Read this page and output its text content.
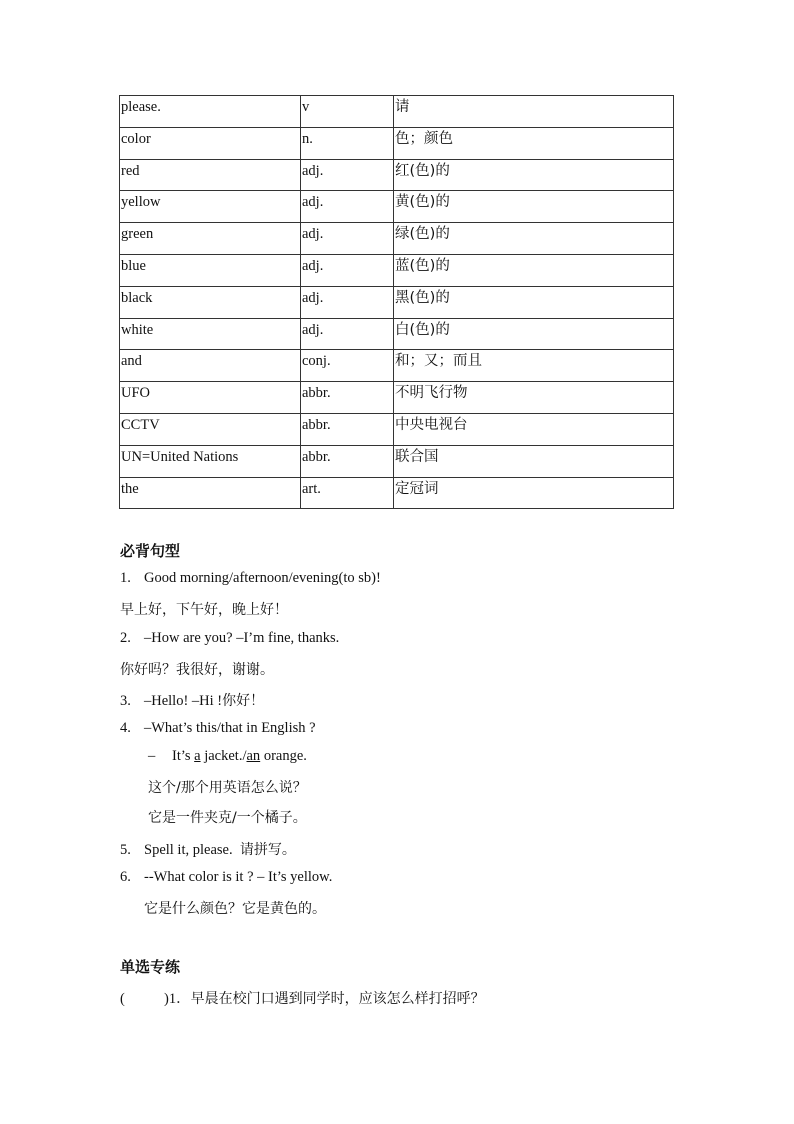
please.	v	请
color	n.	色；颜色
red	adj.	红(色)的
yellow	adj.	黄(色)的
green	adj.	绿(色)的
blue	adj.	蓝(色)的
black	adj.	黑(色)的
white	adj.	白(色)的
and	conj.	和；又；而且
UFO	abbr.	不明飞行物
CCTV	abbr.	中央电视台
UN=United Nations	abbr.	联合国
the	art.	定冠词
必背句型
1. Good morning/afternoon/evening(to sb)!
早上好，下午好，晚上好！
2. –How are you? –I’m fine, thanks.
你好吗？我很好，谢谢。
3. –Hello! –Hi !你好！
4. –What’s this/that in English ?
– It’s a jacket./an orange.
这个/那个用英语怎么说？
它是一件夹克/一个橘子。
5. Spell it, please. 请拼写。
6. --What color is it ? – It’s yellow.
它是什么颜色？它是黄色的。
单选专练
(	)1．早晨在校门口遇到同学时，应该怎么样打招呼？
